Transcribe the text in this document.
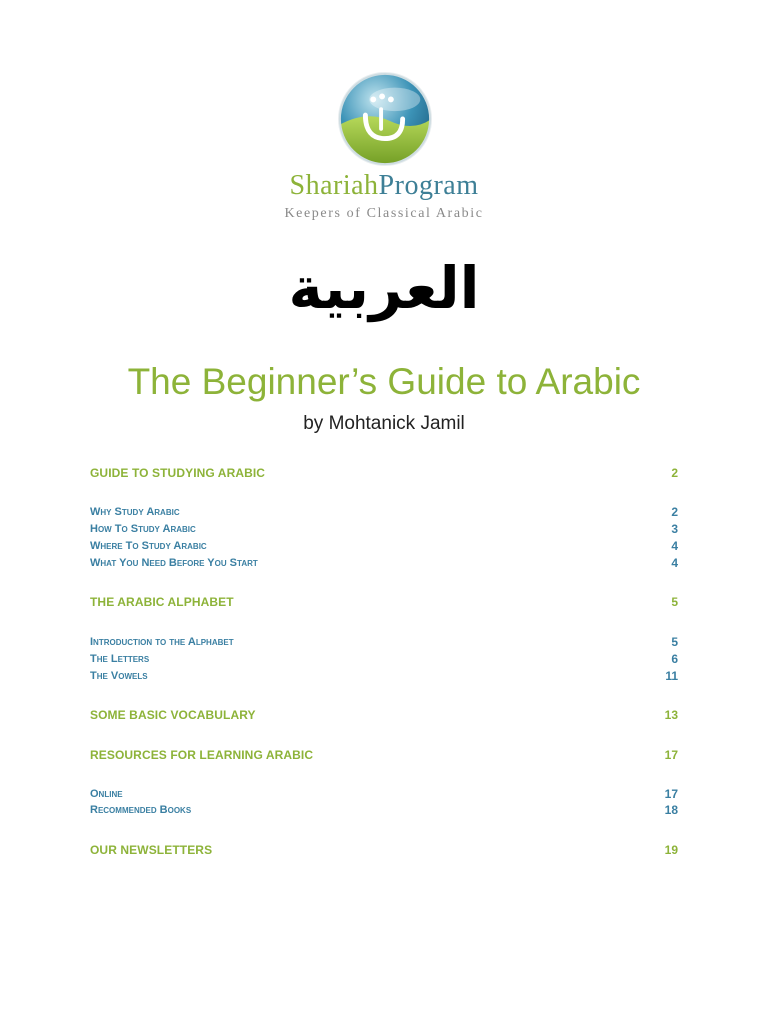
ShariahProgram
Keepers of Classical Arabic
العربية
The Beginner’s Guide to Arabic
by Mohtanick Jamil
GUIDE TO STUDYING ARABIC	2
Why Study Arabic	2
How To Study Arabic	3
Where To Study Arabic	4
What You Need Before You Start	4
THE ARABIC ALPHABET	5
Introduction to the Alphabet	5
The Letters	6
The Vowels	11
SOME BASIC VOCABULARY	13
RESOURCES FOR LEARNING ARABIC	17
Online	17
Recommended Books	18
OUR NEWSLETTERS	19
